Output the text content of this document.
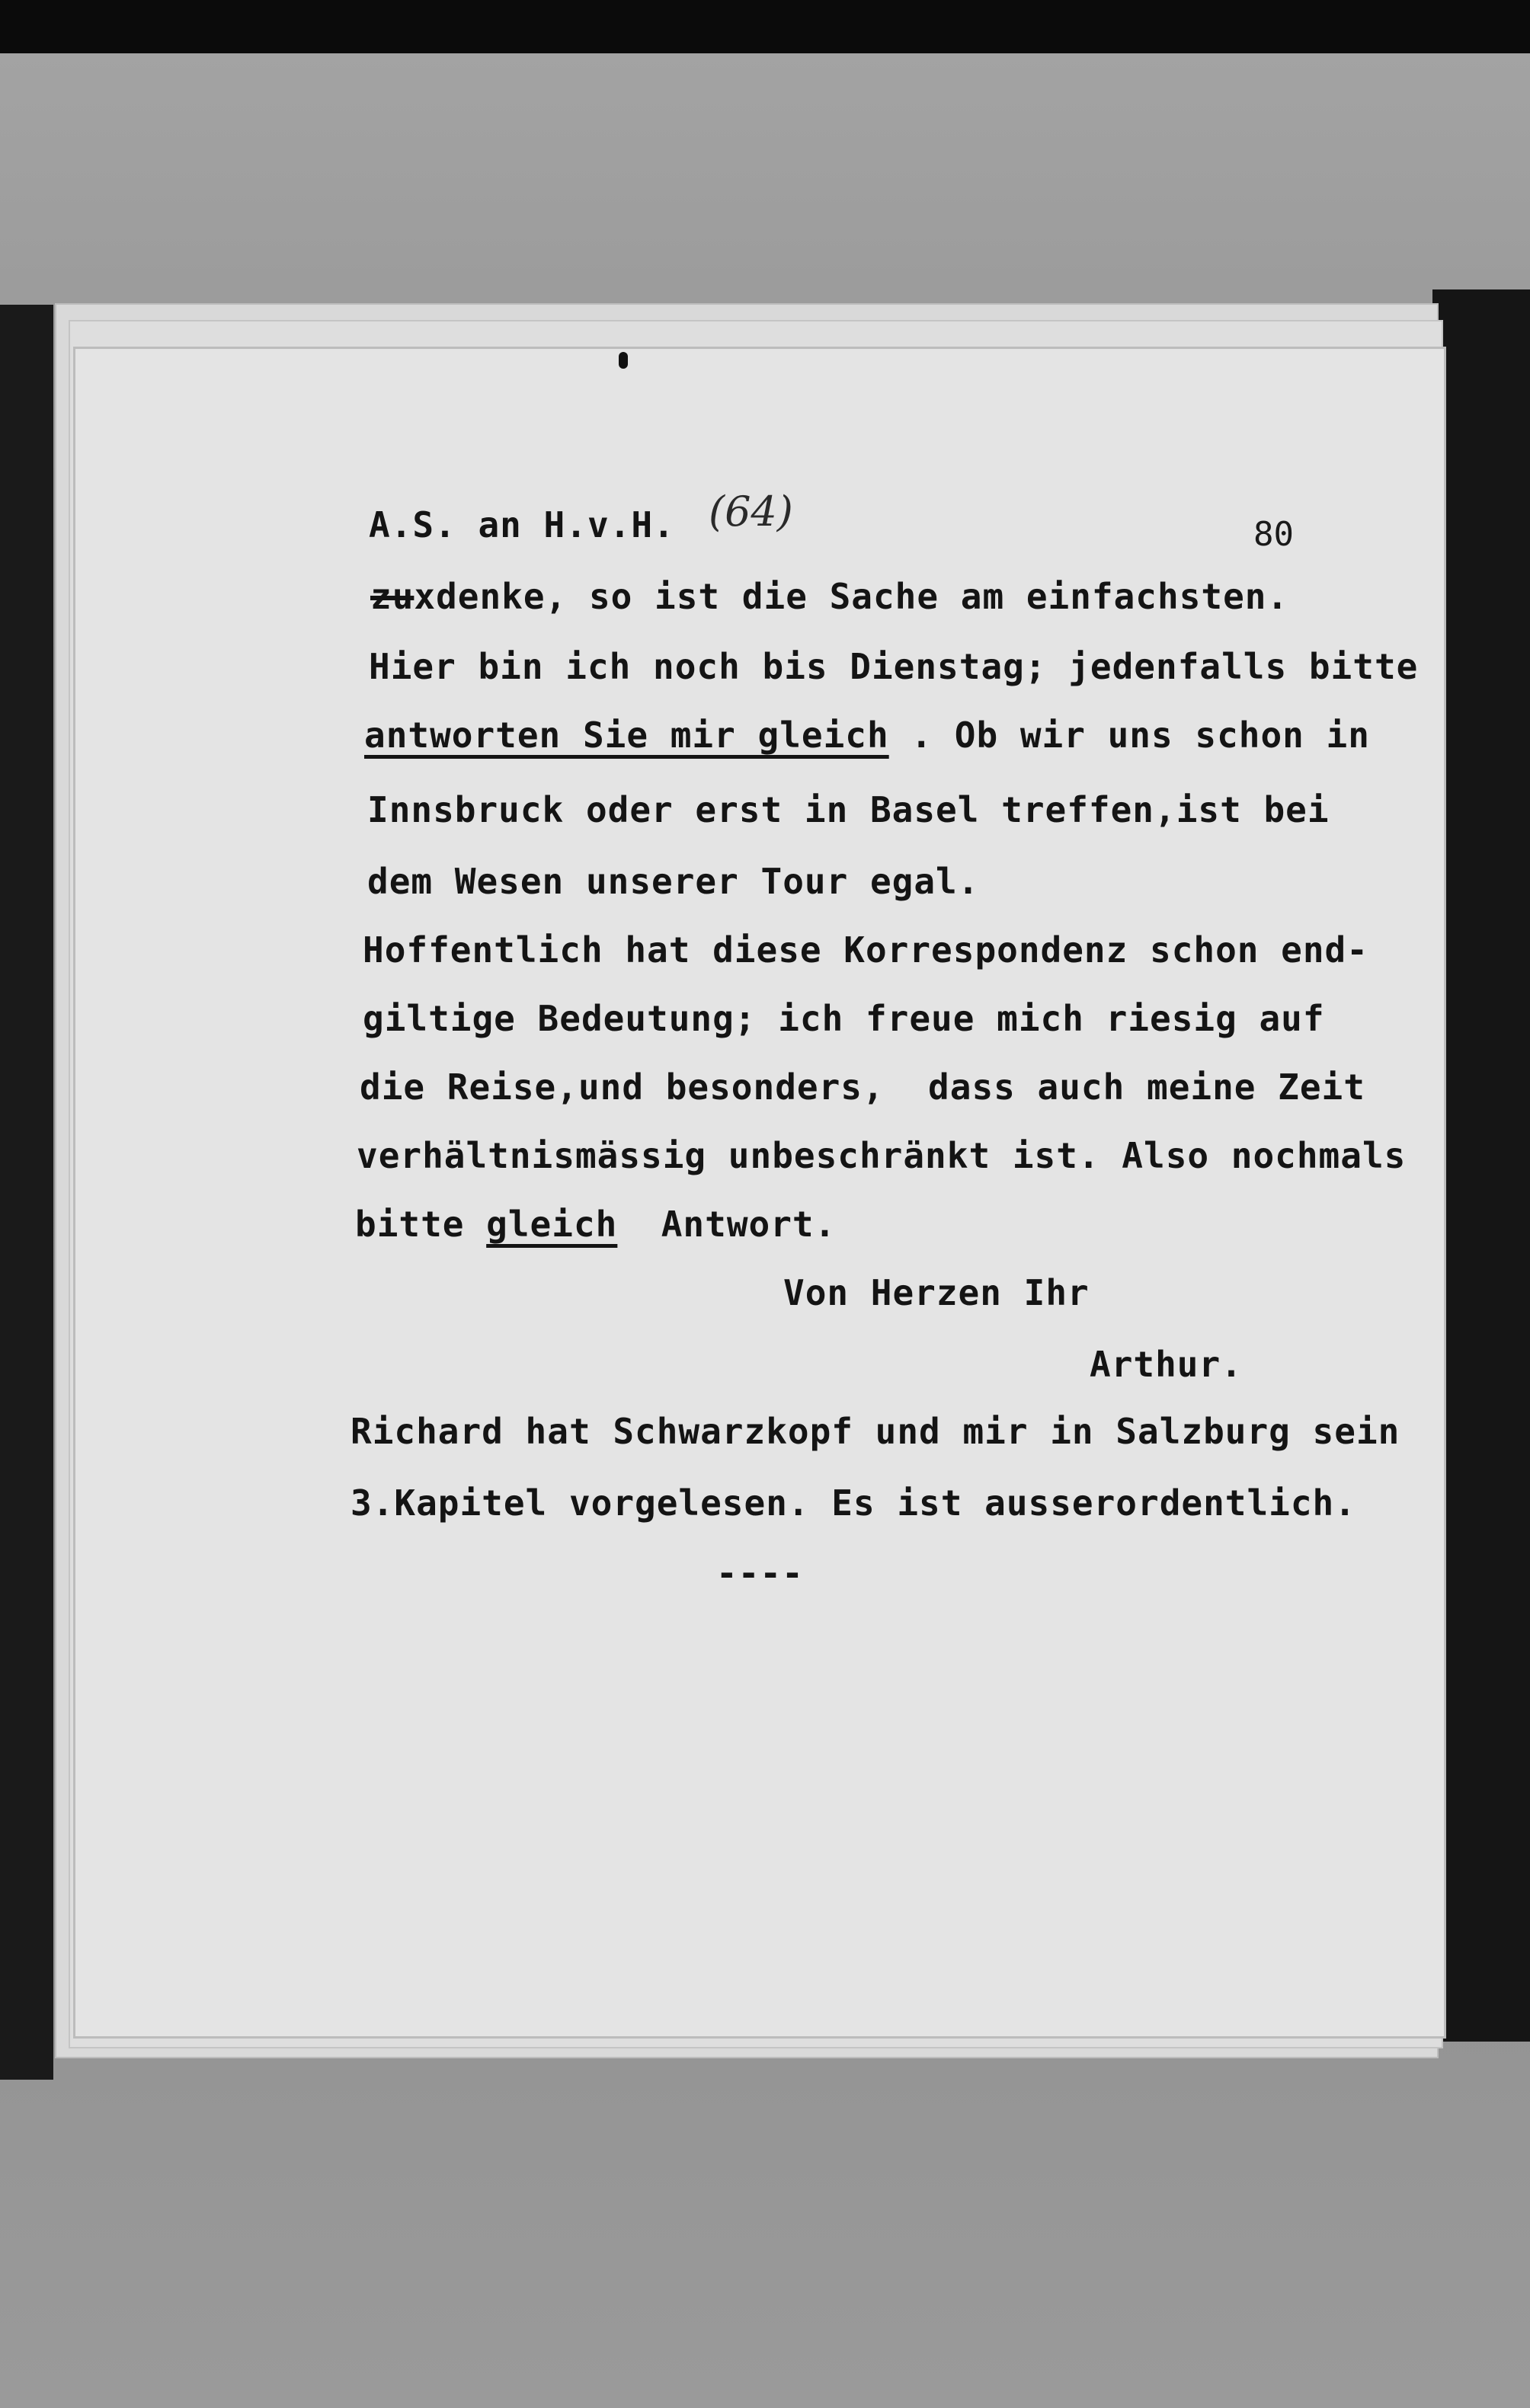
A.S. an H.v.H. (64)	80
zuxdenke, so ist die Sache am einfachsten.
Hier bin ich noch bis Dienstag; jedenfalls bitte
antworten Sie mir gleich . Ob wir uns schon in
Innsbruck oder erst in Basel treffen,ist bei
dem Wesen unserer Tour egal.
Hoffentlich hat diese Korrespondenz schon end-
giltige Bedeutung; ich freue mich riesig auf
die Reise,und besonders,  dass auch meine Zeit
verhältnismässig unbeschränkt ist. Also nochmals
bitte gleich  Antwort.
Von Herzen Ihr
Arthur.
Richard hat Schwarzkopf und mir in Salzburg sein
3.Kapitel vorgelesen. Es ist ausserordentlich.
----
